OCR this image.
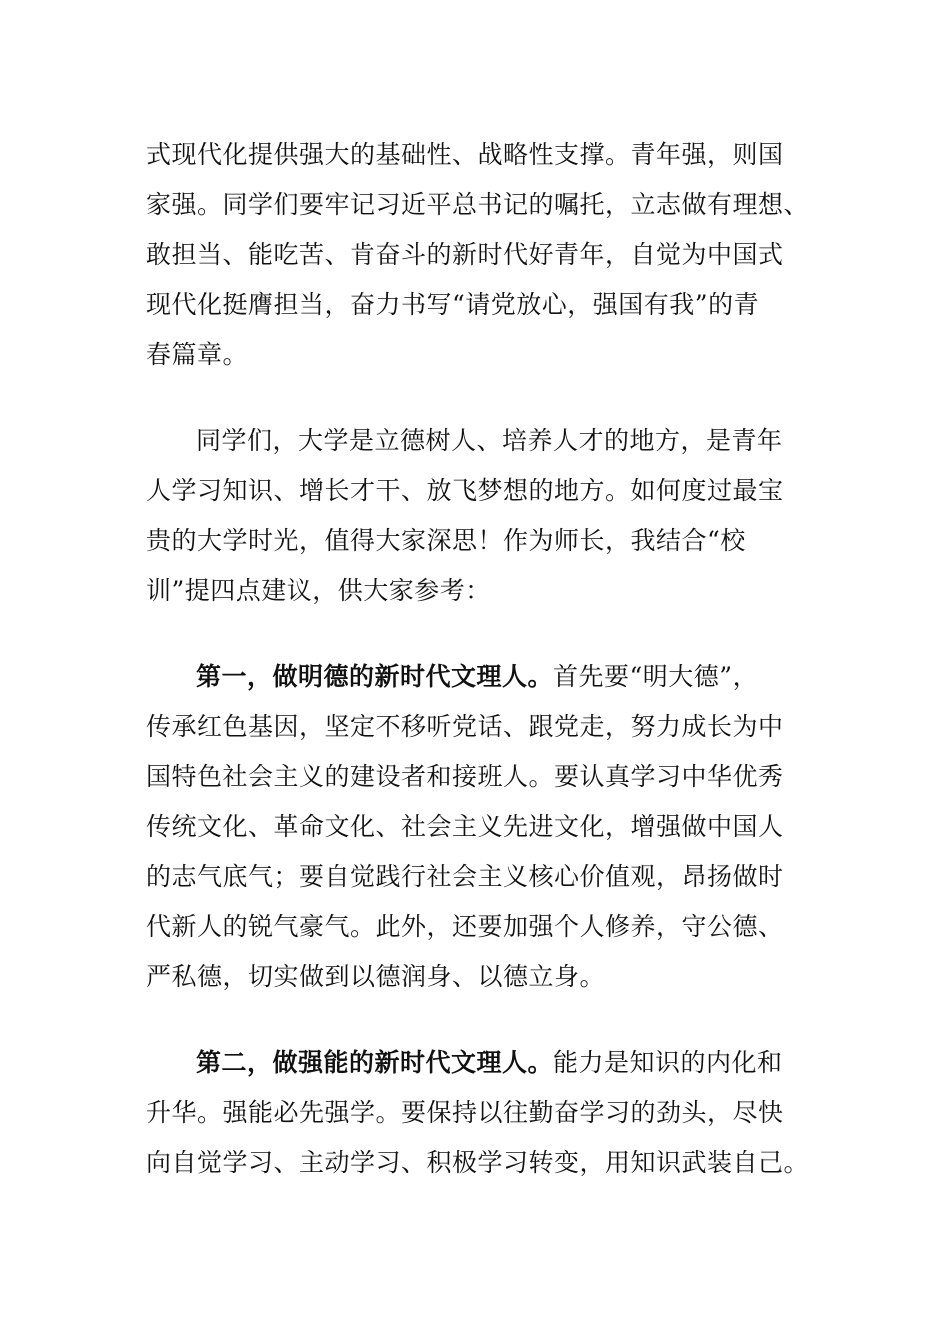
式现代化提供强大的基础性、战略性支撑。青年强，则国
家强。同学们要牢记习近平总书记的嘱托，立志做有理想、
敢担当、能吃苦、肯奋斗的新时代好青年，自觉为中国式
现代化挺膺担当，奋力书写“请党放心，强国有我”的青
春篇章。
同学们，大学是立德树人、培养人才的地方，是青年
人学习知识、增长才干、放飞梦想的地方。如何度过最宝
贵的大学时光，值得大家深思！作为师长，我结合“校
训”提四点建议，供大家参考：
第一，做明德的新时代文理人。首先要“明大德”，
传承红色基因，坚定不移听党话、跟党走，努力成长为中
国特色社会主义的建设者和接班人。要认真学习中华优秀
传统文化、革命文化、社会主义先进文化，增强做中国人
的志气底气；要自觉践行社会主义核心价值观，昂扬做时
代新人的锐气豪气。此外，还要加强个人修养，守公德、
严私德，切实做到以德润身、以德立身。
第二，做强能的新时代文理人。能力是知识的内化和
升华。强能必先强学。要保持以往勤奋学习的劲头，尽快
向自觉学习、主动学习、积极学习转变，用知识武装自己。
